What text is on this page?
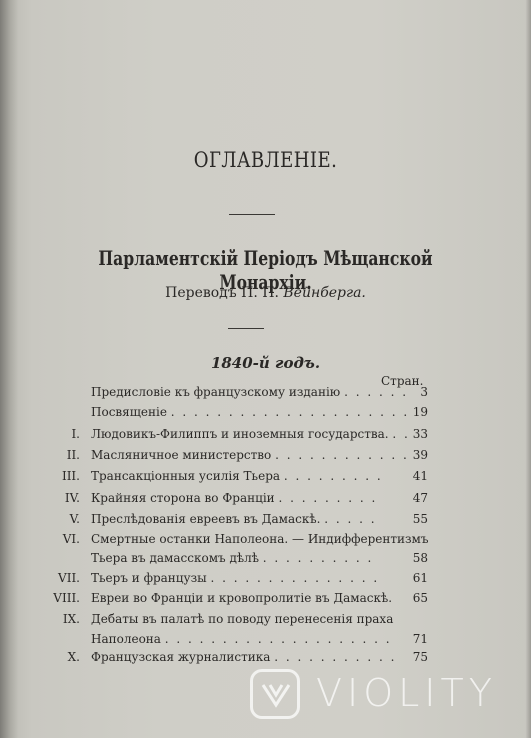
ОГЛАВЛЕНІЕ.
Парламентскій Періодъ Мѣщанской Монархіи.
Переводъ П. П. Вейнберга.
1840-й годъ.
Стран.
Предисловіе къ французскому изданію . . . . . . 3
Посвященіе . . . . . . . . . . . . . . . . . . . . . 19
I. Людовикъ-Филиппъ и иноземныя государства. . . 33
II. Масляничное министерство . . . . . . . . . . . . 39
III. Трансакціонныя усилія Тьера . . . . . . . . .	41
IV. Крайняя сторона во Франціи . . . . . . . . .	47
V. Преслѣдованія евреевъ въ Дамаскѣ. . . . . .	55
VI. Смертные останки Наполеона. — Индифферентизмъ
Тьера въ дамасскомъ дѣлѣ . . . . . . . . . .	58
VII. Тьеръ и французы . . . . . . . . . . . . . . .	61
VIII. Евреи во Франціи и кровопролитіе въ Дамаскѣ. 65
IX. Дебаты въ палатѣ по поводу перенесенія праха
Наполеона . . . . . . . . . . . . . . . . . . . . 71
X. Французская журналистика . . . . . . . . . . . 75
VIOLITY
